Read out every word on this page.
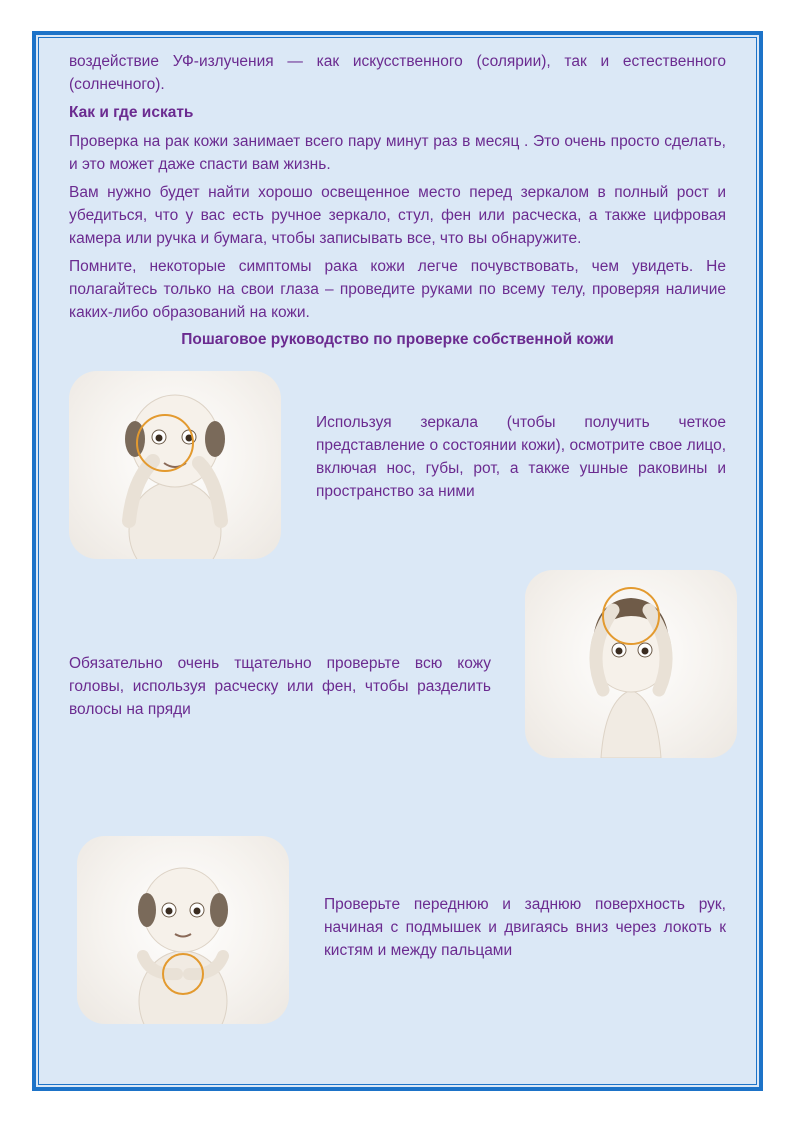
воздействие УФ-излучения — как искусственного (солярии), так и естественного (солнечного).

Как и где искать

Проверка на рак кожи занимает всего пару минут раз в месяц . Это очень просто сделать, и это может даже спасти вам жизнь.

Вам нужно будет найти хорошо освещенное место перед зеркалом в полный рост и убедиться, что у вас есть ручное зеркало, стул, фен или расческа, а также цифровая камера или ручка и бумага, чтобы записывать все, что вы обнаружите.

Помните, некоторые симптомы рака кожи легче почувствовать, чем увидеть. Не полагайтесь только на свои глаза – проведите руками по всему телу, проверяя наличие каких-либо образований на кожи.

Пошаговое руководство по проверке собственной кожи

Используя зеркала (чтобы получить четкое представление о состоянии кожи), осмотрите свое лицо, включая нос, губы, рот, а также ушные раковины и пространство за ними

Обязательно очень тщательно проверьте всю кожу головы, используя расческу или фен, чтобы разделить волосы на пряди

Проверьте переднюю и заднюю поверхность рук, начиная с подмышек и двигаясь вниз через локоть к кистям и между пальцами
